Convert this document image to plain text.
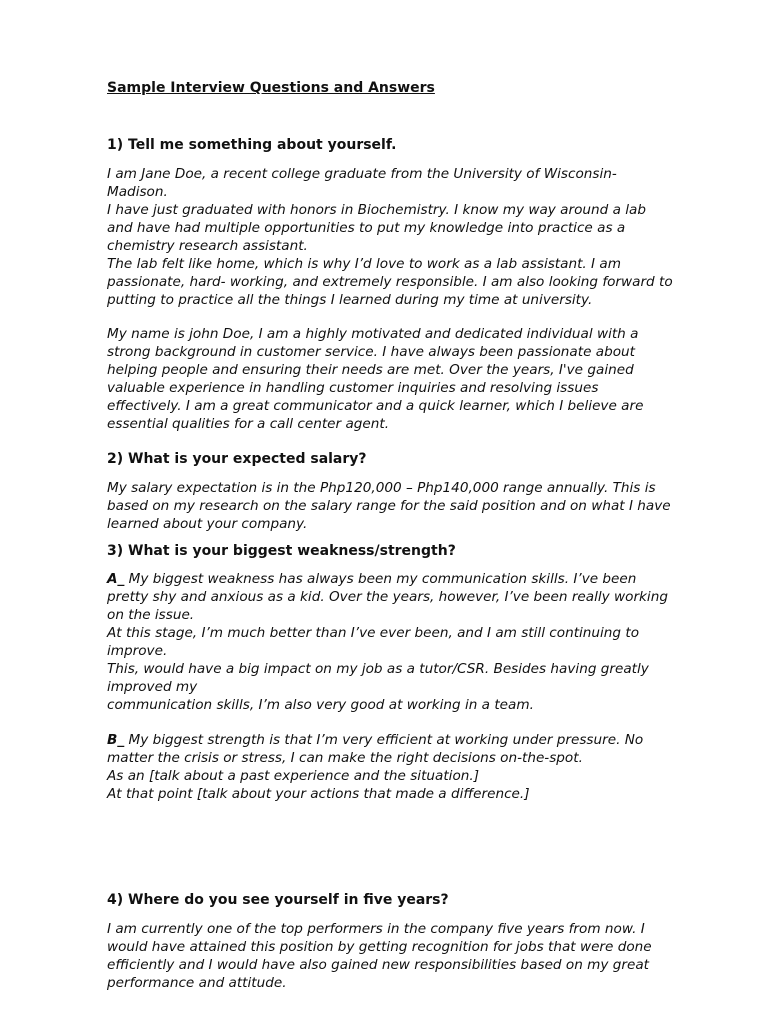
Sample Interview Questions and Answers
1) Tell me something about yourself.

I am Jane Doe, a recent college graduate from the University of Wisconsin-
Madison.
I have just graduated with honors in Biochemistry. I know my way around a lab
and have had multiple opportunities to put my knowledge into practice as a
chemistry research assistant.
The lab felt like home, which is why I’d love to work as a lab assistant. I am
passionate, hard- working, and extremely responsible. I am also looking forward to
putting to practice all the things I learned during my time at university.

My name is john Doe, I am a highly motivated and dedicated individual with a
strong background in customer service. I have always been passionate about
helping people and ensuring their needs are met. Over the years, I've gained
valuable experience in handling customer inquiries and resolving issues
effectively. I am a great communicator and a quick learner, which I believe are
essential qualities for a call center agent.

2) What is your expected salary?

My salary expectation is in the Php120,000 – Php140,000 range annually. This is
based on my research on the salary range for the said position and on what I have
learned about your company.

3) What is your biggest weakness/strength?

A_ My biggest weakness has always been my communication skills. I’ve been
pretty shy and anxious as a kid. Over the years, however, I’ve been really working
on the issue.
At this stage, I’m much better than I’ve ever been, and I am still continuing to
improve.
This, would have a big impact on my job as a tutor/CSR. Besides having greatly
improved my
communication skills, I’m also very good at working in a team.

B_ My biggest strength is that I’m very efficient at working under pressure. No
matter the crisis or stress, I can make the right decisions on-the-spot.
As an [talk about a past experience and the situation.]
At that point [talk about your actions that made a difference.]

4) Where do you see yourself in five years?

I am currently one of the top performers in the company five years from now. I
would have attained this position by getting recognition for jobs that were done
efficiently and I would have also gained new responsibilities based on my great
performance and attitude.
